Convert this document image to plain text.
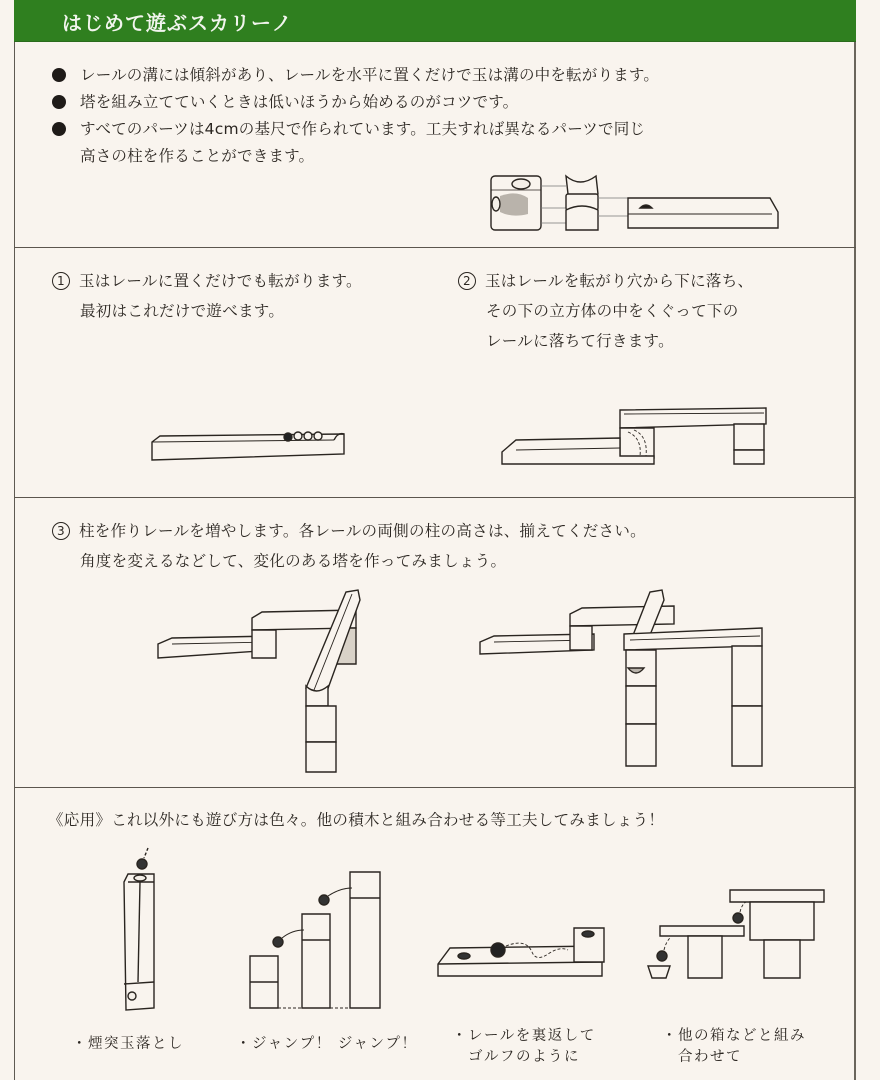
はじめて遊ぶスカリーノ
レールの溝には傾斜があり、レールを水平に置くだけで玉は溝の中を転がります。
塔を組み立てていくときは低いほうから始めるのがコツです。
すべてのパーツは4cmの基尺で作られています。工夫すれば異なるパーツで同じ
高さの柱を作ることができます。
1 玉はレールに置くだけでも転がります。
最初はこれだけで遊べます。
2 玉はレールを転がり穴から下に落ち、
その下の立方体の中をくぐって下の
レールに落ちて行きます。
3 柱を作りレールを増やします。各レールの両側の柱の高さは、揃えてください。
角度を変えるなどして、変化のある塔を作ってみましょう。
《応用》これ以外にも遊び方は色々。他の積木と組み合わせる等工夫してみましょう！
・煙突玉落とし	・ジャンプ！ ジャンプ！ ・レールを裏返して
　ゴルフのように
・他の箱などと組み
　合わせて
